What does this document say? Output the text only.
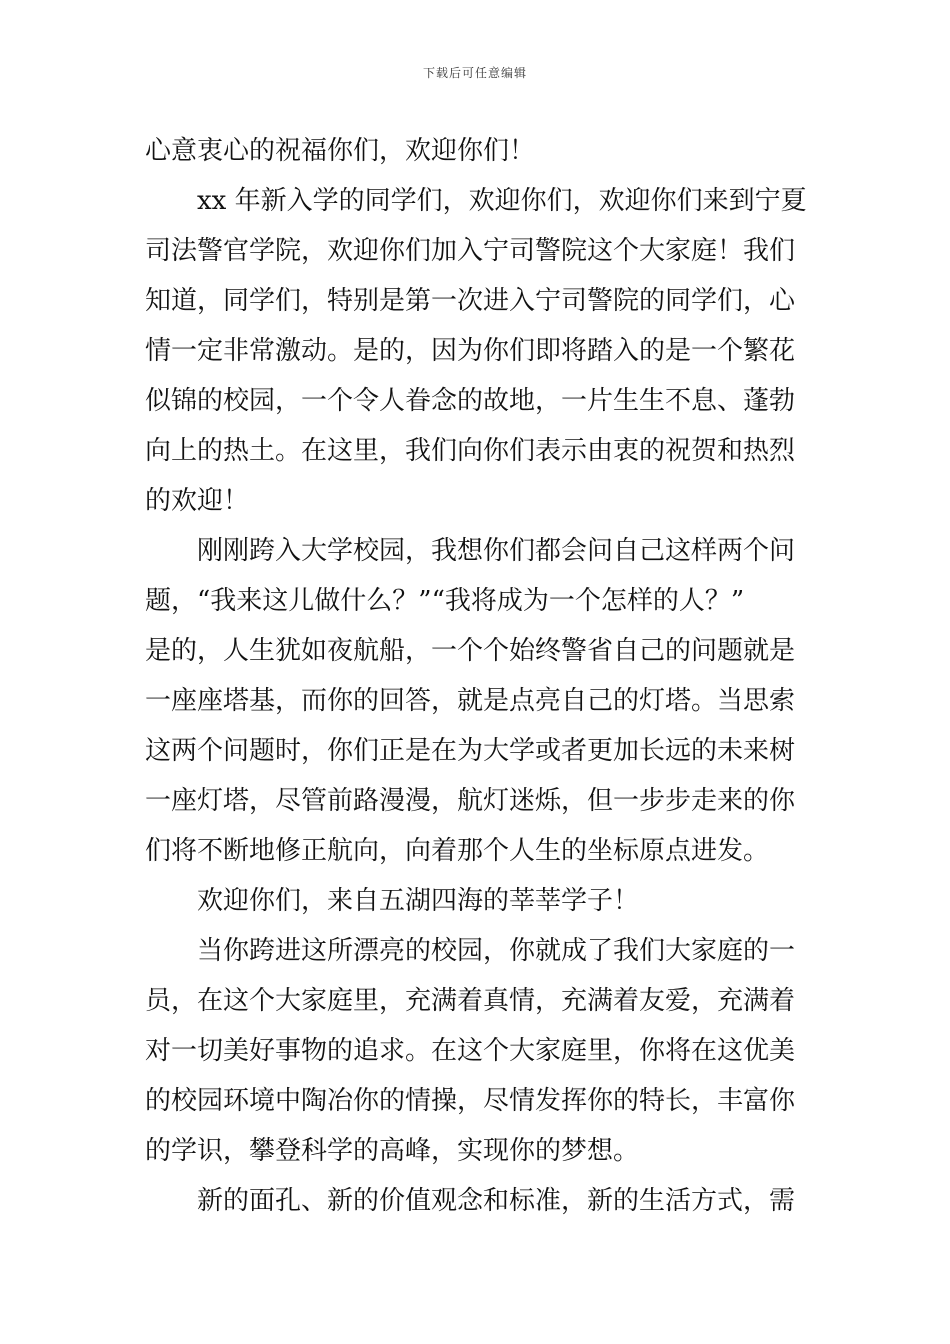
下载后可任意编辑
心意衷心的祝福你们，欢迎你们！
xx 年新入学的同学们，欢迎你们，欢迎你们来到宁夏
司法警官学院，欢迎你们加入宁司警院这个大家庭！我们
知道，同学们，特别是第一次进入宁司警院的同学们，心
情一定非常激动。是的，因为你们即将踏入的是一个繁花
似锦的校园，一个令人眷念的故地，一片生生不息、蓬勃
向上的热土。在这里，我们向你们表示由衷的祝贺和热烈
的欢迎！
刚刚跨入大学校园，我想你们都会问自己这样两个问
题，“我来这儿做什么？”“我将成为一个怎样的人？”
是的，人生犹如夜航船，一个个始终警省自己的问题就是
一座座塔基，而你的回答，就是点亮自己的灯塔。当思索
这两个问题时，你们正是在为大学或者更加长远的未来树
一座灯塔，尽管前路漫漫，航灯迷烁，但一步步走来的你
们将不断地修正航向，向着那个人生的坐标原点进发。
欢迎你们，来自五湖四海的莘莘学子！
当你跨进这所漂亮的校园，你就成了我们大家庭的一
员，在这个大家庭里，充满着真情，充满着友爱，充满着
对一切美好事物的追求。在这个大家庭里，你将在这优美
的校园环境中陶冶你的情操，尽情发挥你的特长，丰富你
的学识，攀登科学的高峰，实现你的梦想。
新的面孔、新的价值观念和标准，新的生活方式，需
